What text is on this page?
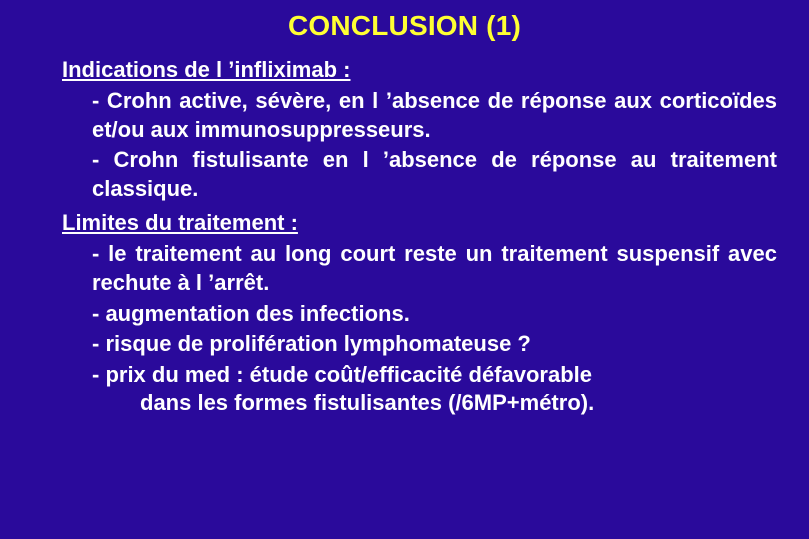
CONCLUSION (1)
Indications de l ’infliximab :
- Crohn active, sévère, en l ’absence de réponse aux corticoïdes et/ou aux immunosuppresseurs.
- Crohn fistulisante en l ’absence de réponse au traitement classique.
Limites du traitement :
- le traitement au long court reste un traitement suspensif avec rechute à l ’arrêt.
- augmentation des infections.
- risque de prolifération lymphomateuse ?
- prix du med : étude coût/efficacité défavorable
dans les formes fistulisantes (/6MP+métro).
